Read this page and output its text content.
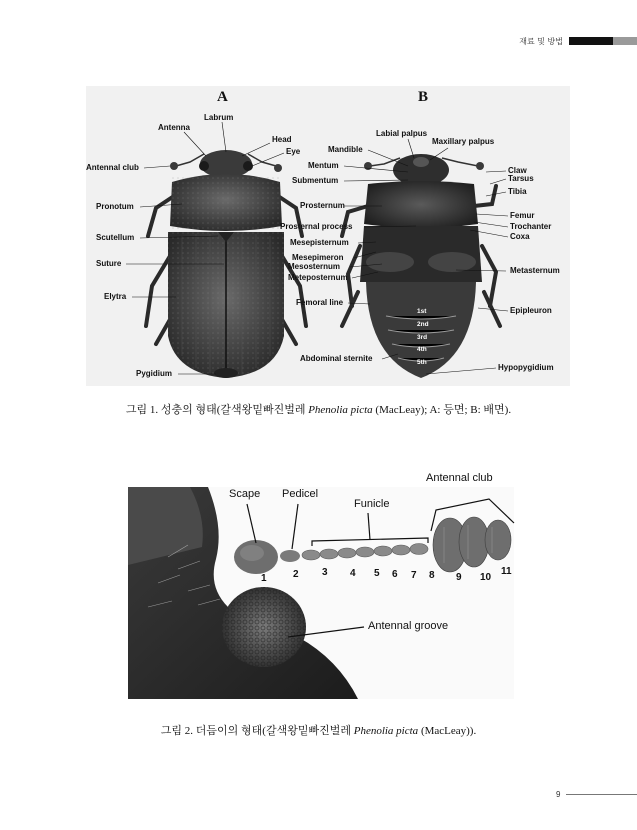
재료 및 방법
A	B
Labrum
Antenna
Head
Eye
Antennal club
Pronotum
Scutellum
Suture
Elytra
Pygidium
Labial palpus
Maxillary palpus
Mandible
Mentum
Submentum
Claw
Tarsus
Tibia
Prosternum
Femur
Trochanter
Coxa
Prosternal process
Mesepisternum
Mesepimeron
Mesosternum	Metasternum
Meteposternum
Femoral line
Epipleuron
Abdominal sternite
Hypopygidium
1st
2nd
3rd
4th
5th
그림 1. 성충의 형태(갈색왕밑빠진벌레 Phenolia picta (MacLeay); A: 등면; B: 배면).
Scape Pedicel
Funicle
Antennal club
Antennal groove
1	2 3 4 5 6 7 8 9 10
11
그림 2. 더듬이의 형태(갈색왕밑빠진벌레 Phenolia picta (MacLeay)).
9
